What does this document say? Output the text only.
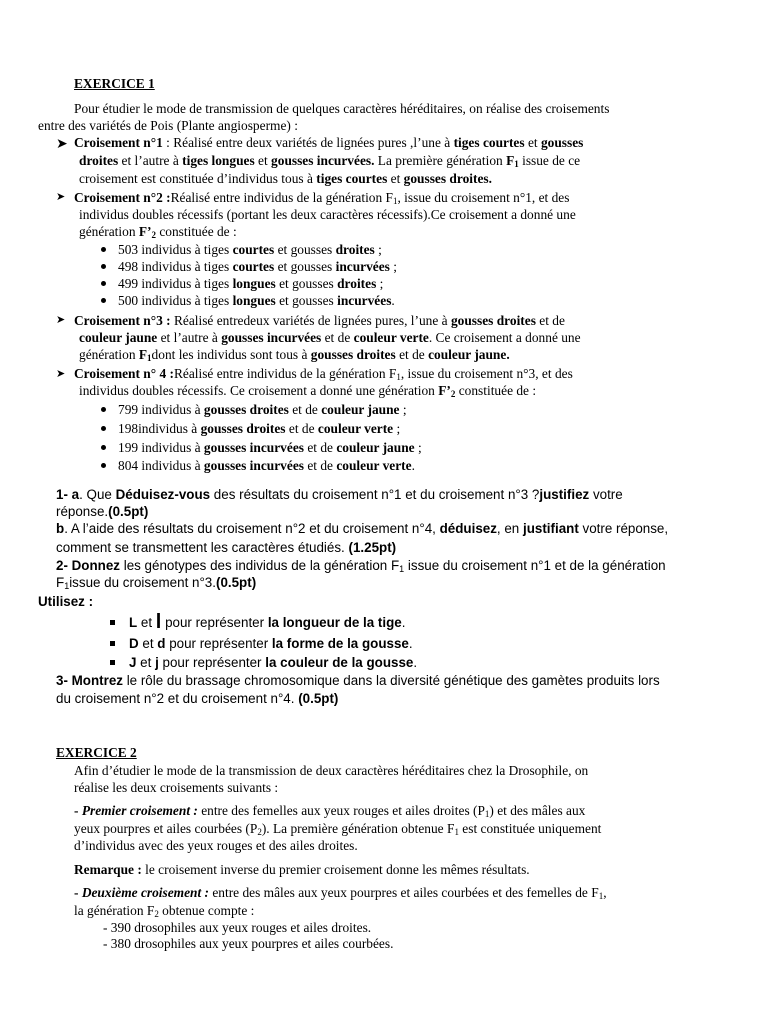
EXERCICE 1
Pour étudier le mode de transmission de quelques caractères héréditaires, on réalise des croisements
entre des variétés de Pois (Plante angiosperme) :
➤ Croisement n°1 : Réalisé entre deux variétés de lignées pures ,l’une à tiges courtes et gousses
droites et l’autre à tiges longues et gousses incurvées. La première génération $F_1$ issue de ce
croisement est constituée d’individus tous à tiges courtes et gousses droites.
➤ Croisement n°2 :Réalisé entre individus de la génération $F_1$, issue du croisement n°1, et des
individus doubles récessifs (portant les deux caractères récessifs).Ce croisement a donné une
génération $F’_2$ constituée de :
503 individus à tiges courtes et gousses droites ;
498 individus à tiges courtes et gousses incurvées ;
499 individus à tiges longues et gousses droites ;
500 individus à tiges longues et gousses incurvées.
➤ Croisement n°3 : Réalisé entredeux variétés de lignées pures, l’une à gousses droites et de
couleur jaune et l’autre à gousses incurvées et de couleur verte. Ce croisement a donné une
génération $F_1dont$ les individus sont tous à gousses droites et de couleur jaune.
➤ Croisement n° 4 :Réalisé entre individus de la génération $F_1$, issue du croisement n°3, et des
individus doubles récessifs. Ce croisement a donné une génération $F’_2$ constituée de :
799 individus à gousses droites et de couleur jaune ;
198individus à gousses droites et de couleur verte ;
199 individus à gousses incurvées et de couleur jaune ;
804 individus à gousses incurvées et de couleur verte.
1- a. Que Déduisez-vous des résultats du croisement n°1 et du croisement n°3 ?justifiez votre
réponse.(0.5pt)
b. A l’aide des résultats du croisement n°2 et du croisement n°4, déduisez, en justifiant votre réponse,
comment se transmettent les caractères étudiés. (1.25pt)
2- Donnez les génotypes des individus de la génération $F_1$ issue du croisement n°1 et de la génération
$F_1issue$ du croisement n°3.(0.5pt)
Utilisez :
L et l pour représenter la longueur de la tige.
D et d pour représenter la forme de la gousse.
J et j pour représenter la couleur de la gousse.
3- Montrez le rôle du brassage chromosomique dans la diversité génétique des gamètes produits lors
du croisement n°2 et du croisement n°4. (0.5pt)
EXERCICE 2
Afin d’étudier le mode de la transmission de deux caractères héréditaires chez la Drosophile, on
réalise les deux croisements suivants :
- Premier croisement : entre des femelles aux yeux rouges et ailes droites $(P_1)$ et des mâles aux
yeux pourpres et ailes courbées $(P_2)$. La première génération obtenue $F_1$ est constituée uniquement
d’individus avec des yeux rouges et des ailes droites.
Remarque : le croisement inverse du premier croisement donne les mêmes résultats.
- Deuxième croisement : entre des mâles aux yeux pourpres et ailes courbées et des femelles de $F_1$,
la génération $F_2$ obtenue compte :
- 390 drosophiles aux yeux rouges et ailes droites.
- 380 drosophiles aux yeux pourpres et ailes courbées.
